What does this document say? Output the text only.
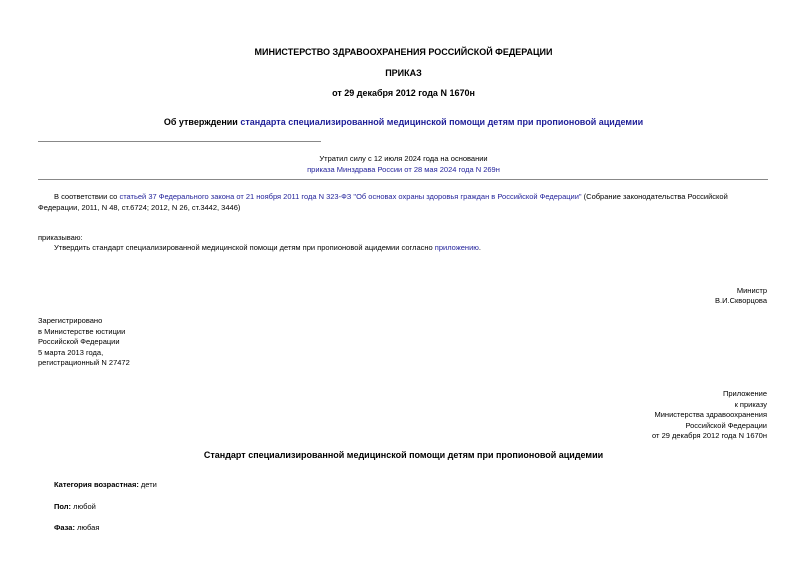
МИНИСТЕРСТВО ЗДРАВООХРАНЕНИЯ РОССИЙСКОЙ ФЕДЕРАЦИИ
ПРИКАЗ
от 29 декабря 2012 года N 1670н
Об утверждении стандарта специализированной медицинской помощи детям при пропионовой ацидемии
Утратил силу с 12 июля 2024 года на основании
приказа Минздрава России от 28 мая 2024 года N 269н
В соответствии со статьей 37 Федерального закона от 21 ноября 2011 года N 323-ФЗ "Об основах охраны здоровья граждан в Российской Федерации" (Собрание законодательства Российской Федерации, 2011, N 48, ст.6724; 2012, N 26, ст.3442, 3446)
приказываю:
Утвердить стандарт специализированной медицинской помощи детям при пропионовой ацидемии согласно приложению.
Министр
В.И.Скворцова
Зарегистрировано
в Министерстве юстиции
Российской Федерации
5 марта 2013 года,
регистрационный N 27472
Приложение
к приказу
Министерства здравоохранения
Российской Федерации
от 29 декабря 2012 года N 1670н
Стандарт специализированной медицинской помощи детям при пропионовой ацидемии
Категория возрастная: дети
Пол: любой
Фаза: любая
